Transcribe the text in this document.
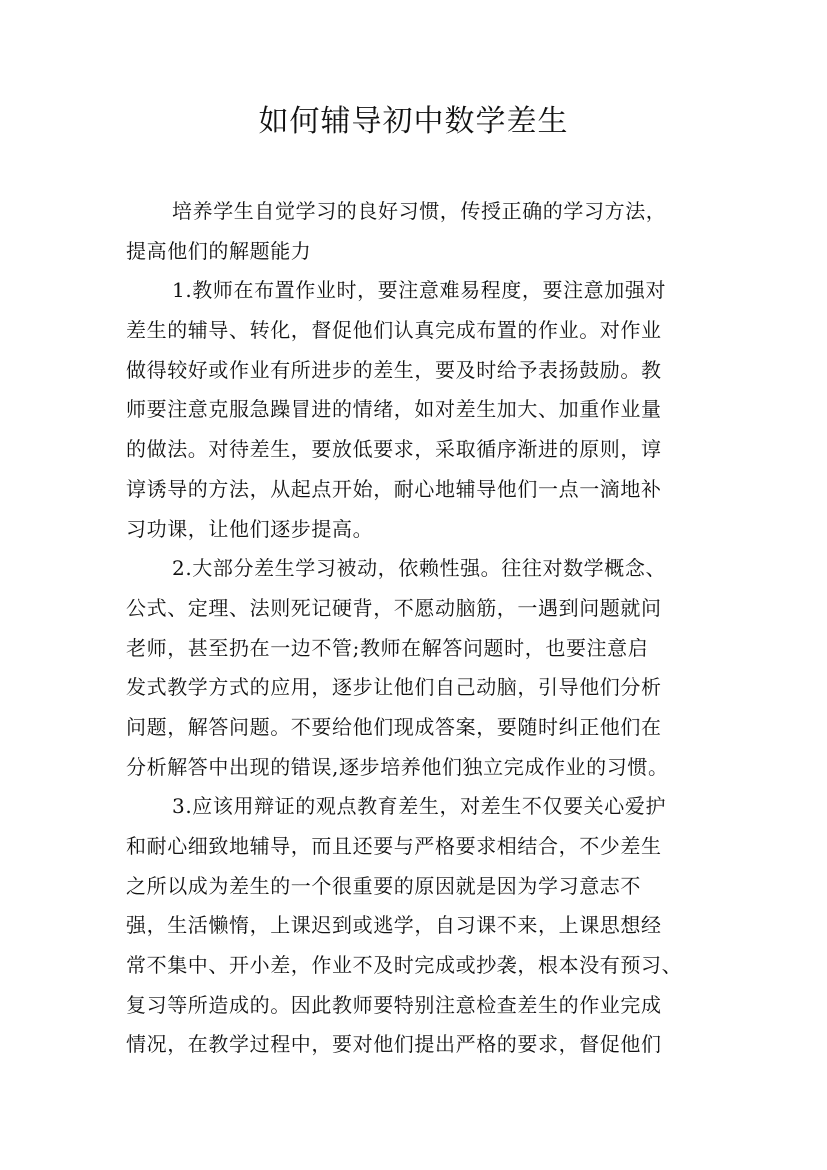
如何辅导初中数学差生
培养学生自觉学习的良好习惯，传授正确的学习方法，
提高他们的解题能力
1.教师在布置作业时，要注意难易程度，要注意加强对
差生的辅导、转化，督促他们认真完成布置的作业。对作业
做得较好或作业有所进步的差生，要及时给予表扬鼓励。教
师要注意克服急躁冒进的情绪，如对差生加大、加重作业量
的做法。对待差生，要放低要求，采取循序渐进的原则，谆
谆诱导的方法，从起点开始，耐心地辅导他们一点一滴地补
习功课，让他们逐步提高。
2.大部分差生学习被动，依赖性强。往往对数学概念、
公式、定理、法则死记硬背，不愿动脑筋，一遇到问题就问
老师，甚至扔在一边不管;教师在解答问题时，也要注意启
发式教学方式的应用，逐步让他们自己动脑，引导他们分析
问题，解答问题。不要给他们现成答案，要随时纠正他们在
分析解答中出现的错误,逐步培养他们独立完成作业的习惯。
3.应该用辩证的观点教育差生，对差生不仅要关心爱护
和耐心细致地辅导，而且还要与严格要求相结合，不少差生
之所以成为差生的一个很重要的原因就是因为学习意志不
强，生活懒惰，上课迟到或逃学，自习课不来，上课思想经
常不集中、开小差，作业不及时完成或抄袭，根本没有预习、
复习等所造成的。因此教师要特别注意检查差生的作业完成
情况，在教学过程中，要对他们提出严格的要求，督促他们
